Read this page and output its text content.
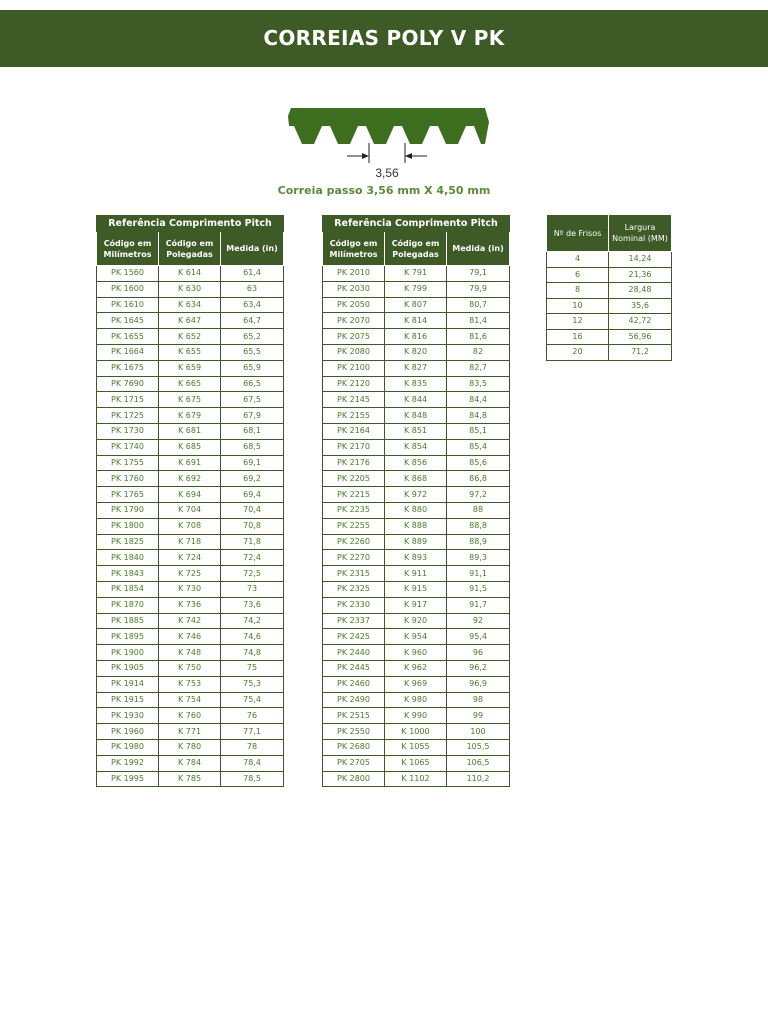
CORREIAS POLY V PK
3,56
Correia passo 3,56 mm X 4,50 mm
Referência Comprimento Pitch		
Código em Milímetros	Código em Polegadas	Medida (in)
PK 1560	K 614	61,4
PK 1600	K 630	63
PK 1610	K 634	63,4
PK 1645	K 647	64,7
PK 1655	K 652	65,2
PK 1664	K 655	65,5
PK 1675	K 659	65,9
PK 7690	K 665	66,5
PK 1715	K 675	67,5
PK 1725	K 679	67,9
PK 1730	K 681	68,1
PK 1740	K 685	68,5
PK 1755	K 691	69,1
PK 1760	K 692	69,2
PK 1765	K 694	69,4
PK 1790	K 704	70,4
PK 1800	K 708	70,8
PK 1825	K 718	71,8
PK 1840	K 724	72,4
PK 1843	K 725	72,5
PK 1854	K 730	73
PK 1870	K 736	73,6
PK 1885	K 742	74,2
PK 1895	K 746	74,6
PK 1900	K 748	74,8
PK 1905	K 750	75
PK 1914	K 753	75,3
PK 1915	K 754	75,4
PK 1930	K 760	76
PK 1960	K 771	77,1
PK 1980	K 780	78
PK 1992	K 784	78,4
PK 1995	K 785	78,5
Referência Comprimento Pitch		
Código em Milímetros	Código em Polegadas	Medida (in)
PK 2010	K 791	79,1
PK 2030	K 799	79,9
PK 2050	K 807	80,7
PK 2070	K 814	81,4
PK 2075	K 816	81,6
PK 2080	K 820	82
PK 2100	K 827	82,7
PK 2120	K 835	83,5
PK 2145	K 844	84,4
PK 2155	K 848	84,8
PK 2164	K 851	85,1
PK 2170	K 854	85,4
PK 2176	K 856	85,6
PK 2205	K 868	86,8
PK 2215	K 972	97,2
PK 2235	K 880	88
PK 2255	K 888	88,8
PK 2260	K 889	88,9
PK 2270	K 893	89,3
PK 2315	K 911	91,1
PK 2325	K 915	91,5
PK 2330	K 917	91,7
PK 2337	K 920	92
PK 2425	K 954	95,4
PK 2440	K 960	96
PK 2445	K 962	96,2
PK 2460	K 969	96,9
PK 2490	K 980	98
PK 2515	K 990	99
PK 2550	K 1000	100
PK 2680	K 1055	105,5
PK 2705	K 1065	106,5
PK 2800	K 1102	110,2
Nº de Frisos	Largura Nominal (MM)
4	14,24
6	21,36
8	28,48
10	35,6
12	42,72
16	56,96
20	71,2
